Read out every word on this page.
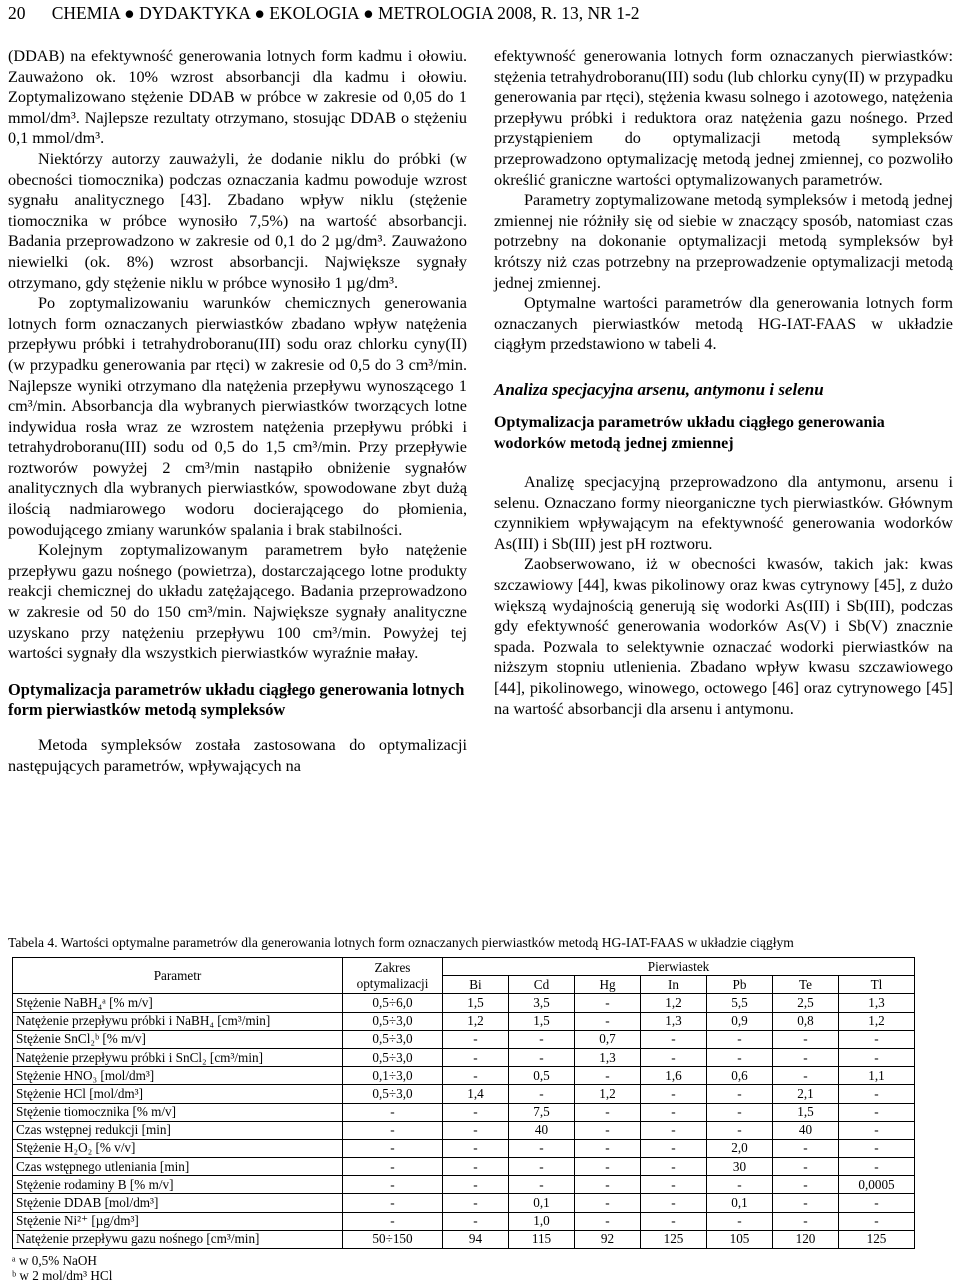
20   CHEMIA ● DYDAKTYKA ● EKOLOGIA ● METROLOGIA 2008, R. 13, NR 1-2

(DDAB) na efektywność generowania lotnych form kadmu i ołowiu. Zauważono ok. 10% wzrost absorbancji dla kadmu i ołowiu. Zoptymalizowano stężenie DDAB w próbce w zakresie od 0,05 do 1 mmol/dm³. Najlepsze rezultaty otrzymano, stosując DDAB o stężeniu 0,1 mmol/dm³.

Niektórzy autorzy zauważyli, że dodanie niklu do próbki (w obecności tiomocznika) podczas oznaczania kadmu powoduje wzrost sygnału analitycznego [43]. Zbadano wpływ niklu (stężenie tiomocznika w próbce wynosiło 7,5%) na wartość absorbancji. Badania przeprowadzono w zakresie od 0,1 do 2 µg/dm³. Zauważono niewielki (ok. 8%) wzrost absorbancji. Największe sygnały otrzymano, gdy stężenie niklu w próbce wynosiło 1 µg/dm³.

Po zoptymalizowaniu warunków chemicznych generowania lotnych form oznaczanych pierwiastków zbadano wpływ natężenia przepływu próbki i tetrahydroboranu(III) sodu oraz chlorku cyny(II) (w przypadku generowania par rtęci) w zakresie od 0,5 do 3 cm³/min. Najlepsze wyniki otrzymano dla natężenia przepływu wynoszącego 1 cm³/min. Absorbancja dla wybranych pierwiastków tworzących lotne indywidua rosła wraz ze wzrostem natężenia przepływu próbki i tetrahydroboranu(III) sodu od 0,5 do 1,5 cm³/min. Przy przepływie roztworów powyżej 2 cm³/min nastąpiło obniżenie sygnałów analitycznych dla wybranych pierwiastków, spowodowane zbyt dużą ilością nadmiarowego wodoru docierającego do płomienia, powodującego zmiany warunków spalania i brak stabilności.

Kolejnym zoptymalizowanym parametrem było natężenie przepływu gazu nośnego (powietrza), dostarczającego lotne produkty reakcji chemicznej do układu zatężającego. Badania przeprowadzono w zakresie od 50 do 150 cm³/min. Największe sygnały analityczne uzyskano przy natężeniu przepływu 100 cm³/min. Powyżej tej wartości sygnały dla wszystkich pierwiastków wyraźnie małay.

Optymalizacja parametrów układu ciągłego generowania lotnych form pierwiastków metodą sympleksów

Metoda sympleksów została zastosowana do optymalizacji następujących parametrów, wpływających na

efektywność generowania lotnych form oznaczanych pierwiastków: stężenia tetrahydroboranu(III) sodu (lub chlorku cyny(II) w przypadku generowania par rtęci), stężenia kwasu solnego i azotowego, natężenia przepływu próbki i reduktora oraz natężenia gazu nośnego. Przed przystąpieniem do optymalizacji metodą sympleksów przeprowadzono optymalizację metodą jednej zmiennej, co pozwoliło określić graniczne wartości optymalizowanych parametrów.

Parametry zoptymalizowane metodą sympleksów i metodą jednej zmiennej nie różniły się od siebie w znaczący sposób, natomiast czas potrzebny na dokonanie optymalizacji metodą sympleksów był krótszy niż czas potrzebny na przeprowadzenie optymalizacji metodą jednej zmiennej.

Optymalne wartości parametrów dla generowania lotnych form oznaczanych pierwiastków metodą HG-IAT-FAAS w układzie ciągłym przedstawiono w tabeli 4.

Analiza specjacyjna arsenu, antymonu i selenu
Optymalizacja parametrów układu ciągłego generowania wodorków metodą jednej zmiennej

Analizę specjacyjną przeprowadzono dla antymonu, arsenu i selenu. Oznaczano formy nieorganiczne tych pierwiastków. Głównym czynnikiem wpływającym na efektywność generowania wodorków As(III) i Sb(III) jest pH roztworu.

Zaobserwowano, iż w obecności kwasów, takich jak: kwas szczawiowy [44], kwas pikolinowy oraz kwas cytrynowy [45], z dużo większą wydajnością generują się wodorki As(III) i Sb(III), podczas gdy efektywność generowania wodorków As(V) i Sb(V) znacznie spada. Pozwala to selektywnie oznaczać wodorki pierwiastków na niższym stopniu utlenienia. Zbadano wpływ kwasu szczawiowego [44], pikolinowego, winowego, octowego [46] oraz cytrynowego [45] na wartość absorbancji dla arsenu i antymonu.

Tabela 4. Wartości optymalne parametrów dla generowania lotnych form oznaczanych pierwiastków metodą HG-IAT-FAAS w układzie ciągłym
Parametr	Zakres optymalizacji	Pierwiastek						
		Bi	Cd	Hg	In	Pb	Te	Tl
Stężenie NaBH₄ᵃ [% m/v]	0,5÷6,0	1,5	3,5	-	1,2	5,5	2,5	1,3
Natężenie przepływu próbki i NaBH₄ [cm³/min]	0,5÷3,0	1,2	1,5	-	1,3	0,9	0,8	1,2
Stężenie SnCl₂ᵇ [% m/v]	0,5÷3,0	-	-	0,7	-	-	-	-
Natężenie przepływu próbki i SnCl₂ [cm³/min]	0,5÷3,0	-	-	1,3	-	-	-	-
Stężenie HNO₃ [mol/dm³]	0,1÷3,0	-	0,5	-	1,6	0,6	-	1,1
Stężenie HCl [mol/dm³]	0,5÷3,0	1,4	-	1,2	-	-	2,1	-
Stężenie tiomocznika [% m/v]	-	-	7,5	-	-	-	1,5	-
Czas wstępnej redukcji [min]	-	-	40	-	-	-	40	-
Stężenie H₂O₂ [% v/v]	-	-	-	-	-	2,0	-	-
Czas wstępnego utleniania [min]	-	-	-	-	-	30	-	-
Stężenie rodaminy B [% m/v]	-	-	-	-	-	-	-	0,0005
Stężenie DDAB [mol/dm³]	-	-	0,1	-	-	0,1	-	-
Stężenie Ni²⁺ [µg/dm³]	-	-	1,0	-	-	-	-	-
Natężenie przepływu gazu nośnego [cm³/min]	50÷150	94	115	92	125	105	120	125
ᵃ w 0,5% NaOH
ᵇ w 2 mol/dm³ HCl
